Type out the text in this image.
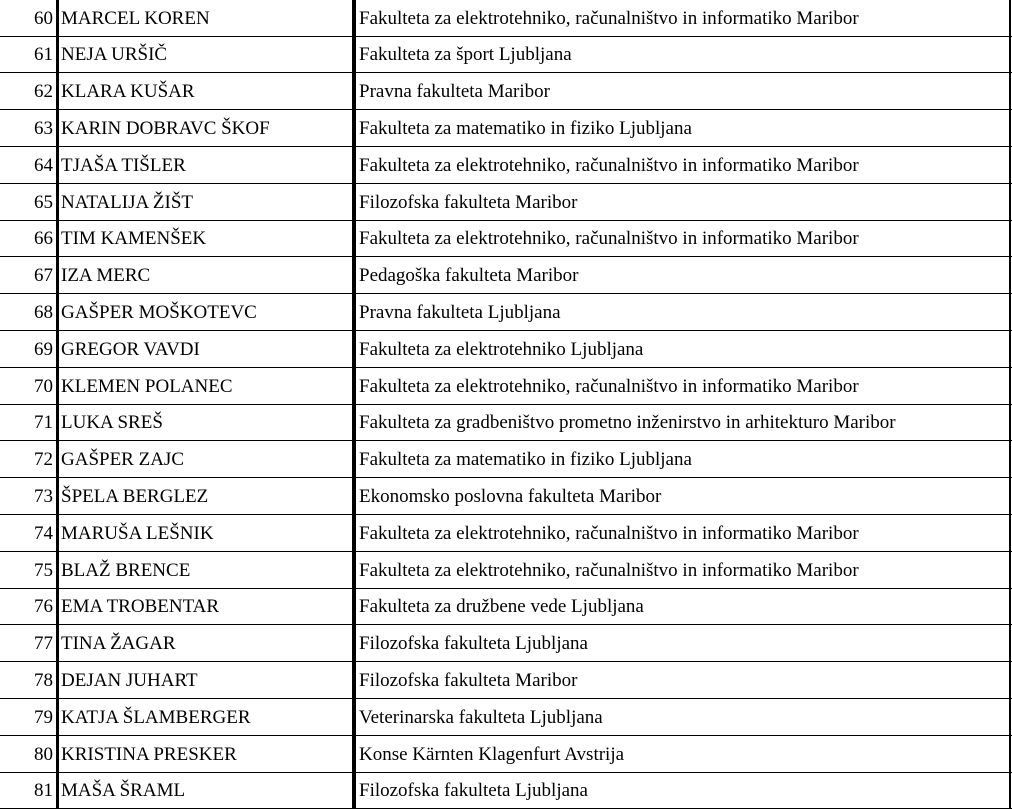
60 MARCEL KOREN	Fakulteta za elektrotehniko, računalništvo in informatiko Maribor
61 NEJA URŠIČ	Fakulteta za šport Ljubljana
62 KLARA KUŠAR	Pravna fakulteta Maribor
63 KARIN DOBRAVC ŠKOF	Fakulteta za matematiko in fiziko Ljubljana
64 TJAŠA TIŠLER	Fakulteta za elektrotehniko, računalništvo in informatiko Maribor
65 NATALIJA ŽIŠT	Filozofska fakulteta Maribor
66 TIM KAMENŠEK	Fakulteta za elektrotehniko, računalništvo in informatiko Maribor
67 IZA MERC	Pedagoška fakulteta Maribor
68 GAŠPER MOŠKOTEVC	Pravna fakulteta Ljubljana
69 GREGOR VAVDI	Fakulteta za elektrotehniko Ljubljana
70 KLEMEN POLANEC	Fakulteta za elektrotehniko, računalništvo in informatiko Maribor
71 LUKA SREŠ	Fakulteta za gradbeništvo prometno inženirstvo in arhitekturo Maribor
72 GAŠPER ZAJC	Fakulteta za matematiko in fiziko Ljubljana
73 ŠPELA BERGLEZ	Ekonomsko poslovna fakulteta Maribor
74 MARUŠA LEŠNIK	Fakulteta za elektrotehniko, računalništvo in informatiko Maribor
75 BLAŽ BRENCE	Fakulteta za elektrotehniko, računalništvo in informatiko Maribor
76 EMA TROBENTAR	Fakulteta za družbene vede Ljubljana
77 TINA ŽAGAR	Filozofska fakulteta Ljubljana
78 DEJAN JUHART	Filozofska fakulteta Maribor
79 KATJA ŠLAMBERGER	Veterinarska fakulteta Ljubljana
80 KRISTINA PRESKER	Konse Kärnten Klagenfurt Avstrija
81 MAŠA ŠRAML	Filozofska fakulteta Ljubljana
